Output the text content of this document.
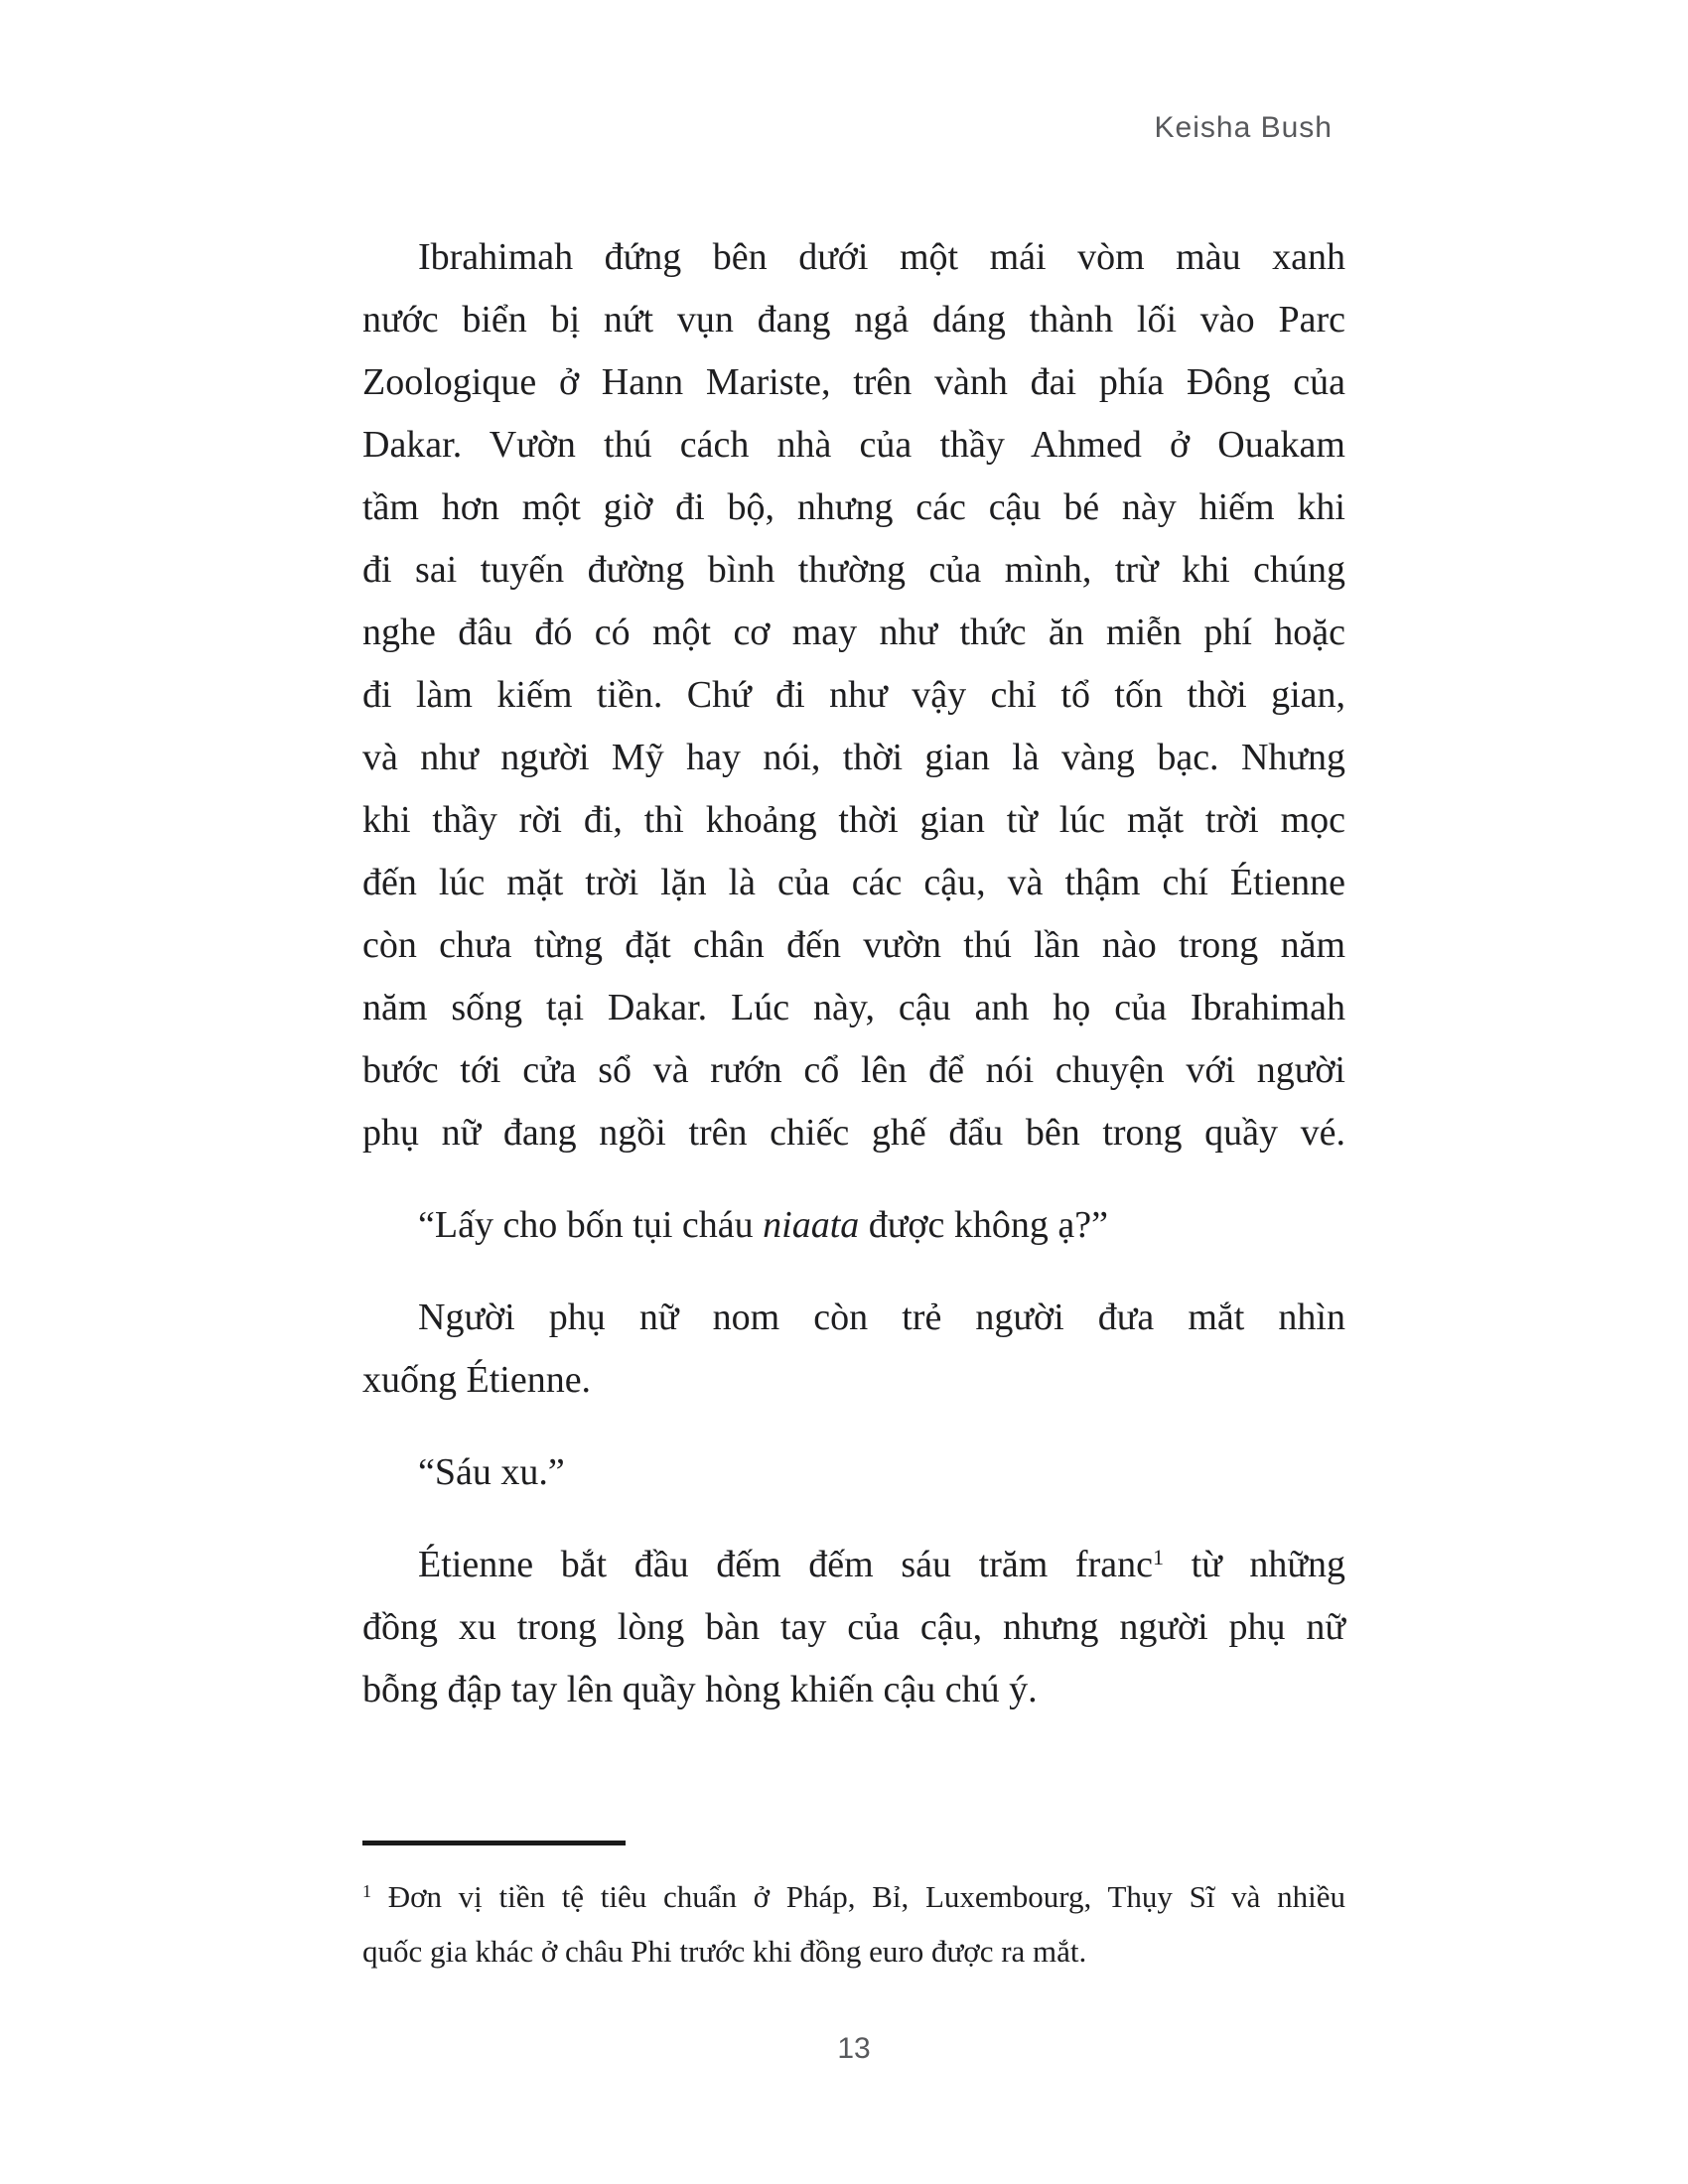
Keisha Bush
Ibrahimah đứng bên dưới một mái vòm màu xanh
nước biển bị nứt vụn đang ngả dáng thành lối vào Parc
Zoologique ở Hann Mariste, trên vành đai phía Đông của
Dakar. Vườn thú cách nhà của thầy Ahmed ở Ouakam
tầm hơn một giờ đi bộ, nhưng các cậu bé này hiếm khi
đi sai tuyến đường bình thường của mình, trừ khi chúng
nghe đâu đó có một cơ may như thức ăn miễn phí hoặc
đi làm kiếm tiền. Chứ đi như vậy chỉ tổ tốn thời gian,
và như người Mỹ hay nói, thời gian là vàng bạc. Nhưng
khi thầy rời đi, thì khoảng thời gian từ lúc mặt trời mọc
đến lúc mặt trời lặn là của các cậu, và thậm chí Étienne
còn chưa từng đặt chân đến vườn thú lần nào trong năm
năm sống tại Dakar. Lúc này, cậu anh họ của Ibrahimah
bước tới cửa sổ và rướn cổ lên để nói chuyện với người
phụ nữ đang ngồi trên chiếc ghế đẩu bên trong quầy vé.
“Lấy cho bốn tụi cháu niaata được không ạ?”
Người phụ nữ nom còn trẻ người đưa mắt nhìn
xuống Étienne.
“Sáu xu.”
Étienne bắt đầu đếm đếm sáu trăm franc$^1$ từ những
đồng xu trong lòng bàn tay của cậu, nhưng người phụ nữ
bỗng đập tay lên quầy hòng khiến cậu chú ý.
$^1$ Đơn vị tiền tệ tiêu chuẩn ở Pháp, Bỉ, Luxembourg, Thụy Sĩ và nhiều
quốc gia khác ở châu Phi trước khi đồng euro được ra mắt.
13
